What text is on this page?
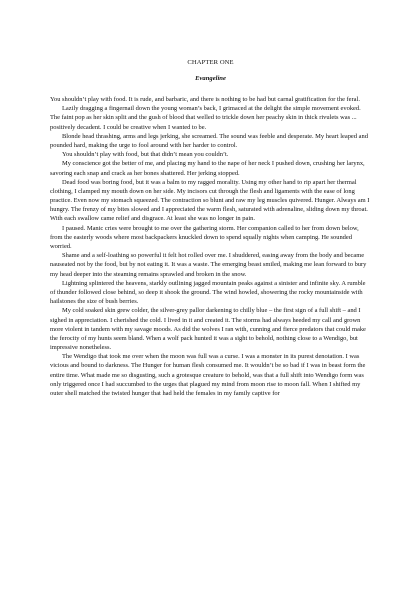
CHAPTER ONE
Evangeline

You shouldn’t play with food. It is rude, and barbaric, and there is nothing to be had but carnal gratification for the feral.

Lazily dragging a fingernail down the young woman’s back, I grimaced at the delight the simple movement evoked. The faint pop as her skin split and the gush of blood that welled to trickle down her peachy skin in thick rivulets was ... positively decadent. I could be creative when I wanted to be.

Blonde head thrashing, arms and legs jerking, she screamed. The sound was feeble and desperate. My heart leaped and pounded hard, making the urge to fool around with her harder to control.

You shouldn’t play with food, but that didn’t mean you couldn’t.

My conscience got the better of me, and placing my hand to the nape of her neck I pushed down, crushing her larynx, savoring each snap and crack as her bones shattered. Her jerking stopped.

Dead food was boring food, but it was a balm to my ragged morality. Using my other hand to rip apart her thermal clothing, I clamped my mouth down on her side. My incisors cut through the flesh and ligaments with the ease of long practice. Even now my stomach squeezed. The contraction so blunt and raw my leg muscles quivered. Hunger. Always am I hungry. The frenzy of my bites slowed and I appreciated the warm flesh, saturated with adrenaline, sliding down my throat. With each swallow came relief and disgrace. At least she was no longer in pain.

I paused. Manic cries were brought to me over the gathering storm. Her companion called to her from down below, from the easterly woods where most backpackers knuckled down to spend squally nights when camping. He sounded worried.

Shame and a self-loathing so powerful it felt hot rolled over me. I shuddered, easing away from the body and became nauseated not by the food, but by not eating it. It was a waste. The emerging beast smiled, making me lean forward to bury my head deeper into the steaming remains sprawled and broken in the snow.

Lightning splintered the heavens, starkly outlining jagged mountain peaks against a sinister and infinite sky. A rumble of thunder followed close behind, so deep it shook the ground. The wind howled, showering the rocky mountainside with hailstones the size of bush berries.

My cold soaked skin grew colder, the silver-grey pallor darkening to chilly blue – the first sign of a full shift – and I sighed in appreciation. I cherished the cold. I lived in it and created it. The storms had always heeded my call and grown more violent in tandem with my savage moods. As did the wolves I ran with, cunning and fierce predators that could make the ferocity of my hunts seem bland. When a wolf pack hunted it was a sight to behold, nothing close to a Wendigo, but impressive nonetheless.

The Wendigo that took me over when the moon was full was a curse. I was a monster in its purest denotation. I was vicious and bound to darkness. The Hunger for human flesh consumed me. It wouldn’t be so bad if I was in beast form the entire time. What made me so disgusting, such a grotesque creature to behold, was that a full shift into Wendigo form was only triggered once I had succumbed to the urges that plagued my mind from moon rise to moon fall. When I shifted my outer shell matched the twisted hunger that had held the females in my family captive for
